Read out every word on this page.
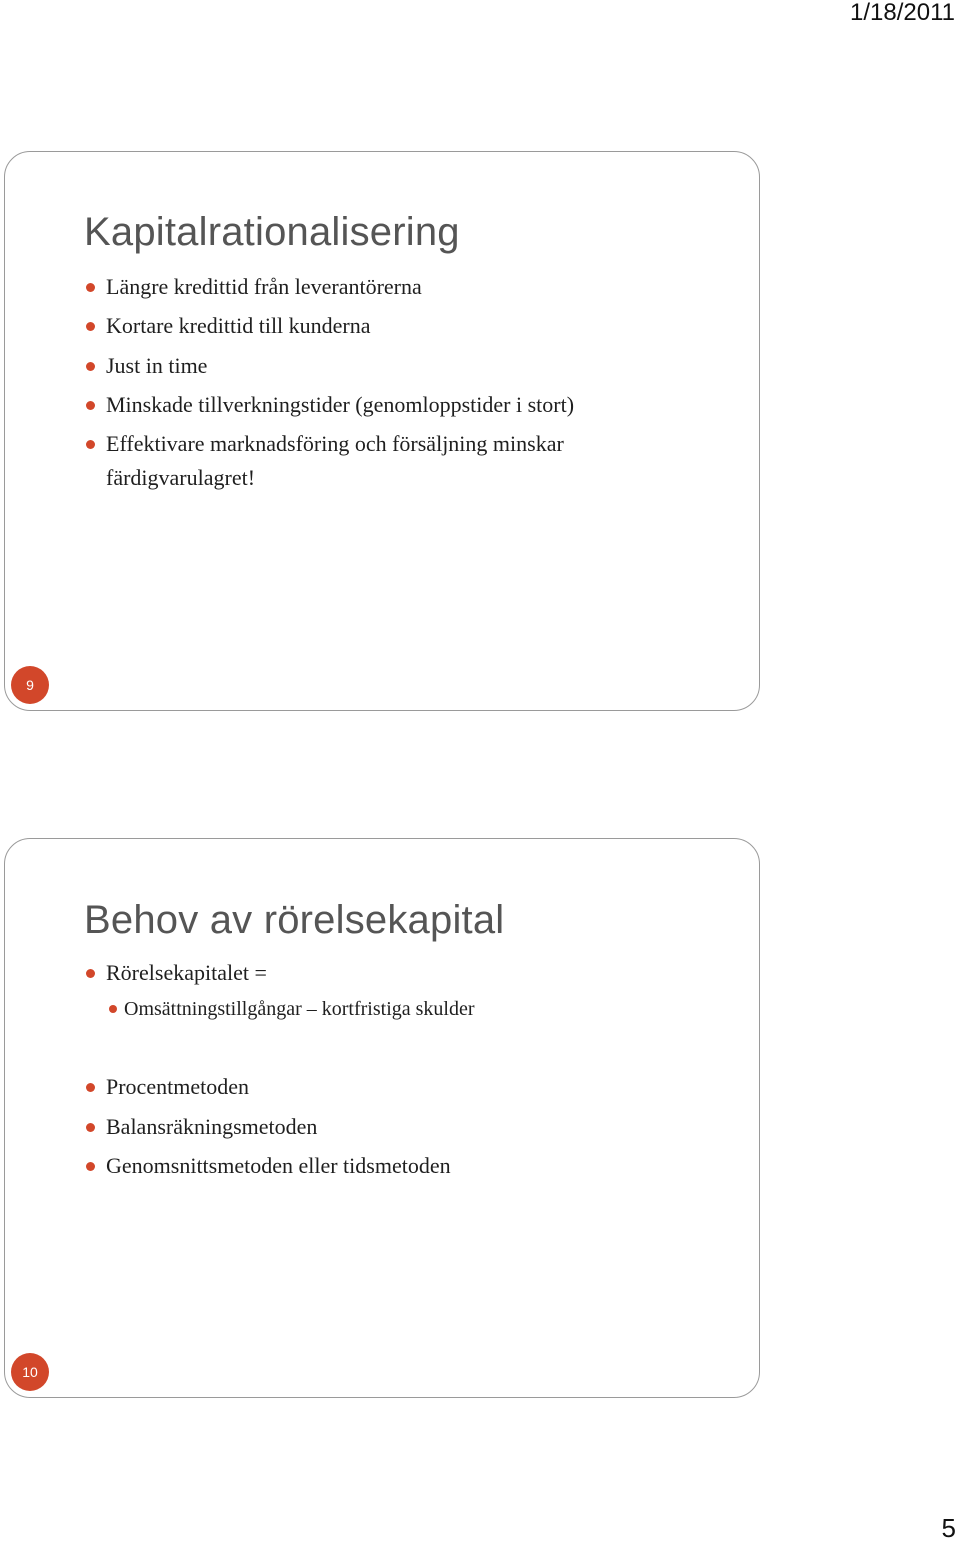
1/18/2011
Kapitalrationalisering
Längre kredittid från leverantörerna
Kortare kredittid till kunderna
Just in time
Minskade tillverkningstider (genomloppstider i stort)
Effektivare marknadsföring och försäljning minskar färdigvarulagret!
9
Behov av rörelsekapital
Rörelsekapitalet =
Omsättningstillgångar – kortfristiga skulder
Procentmetoden
Balansräkningsmetoden
Genomsnittsmetoden eller tidsmetoden
10
5
